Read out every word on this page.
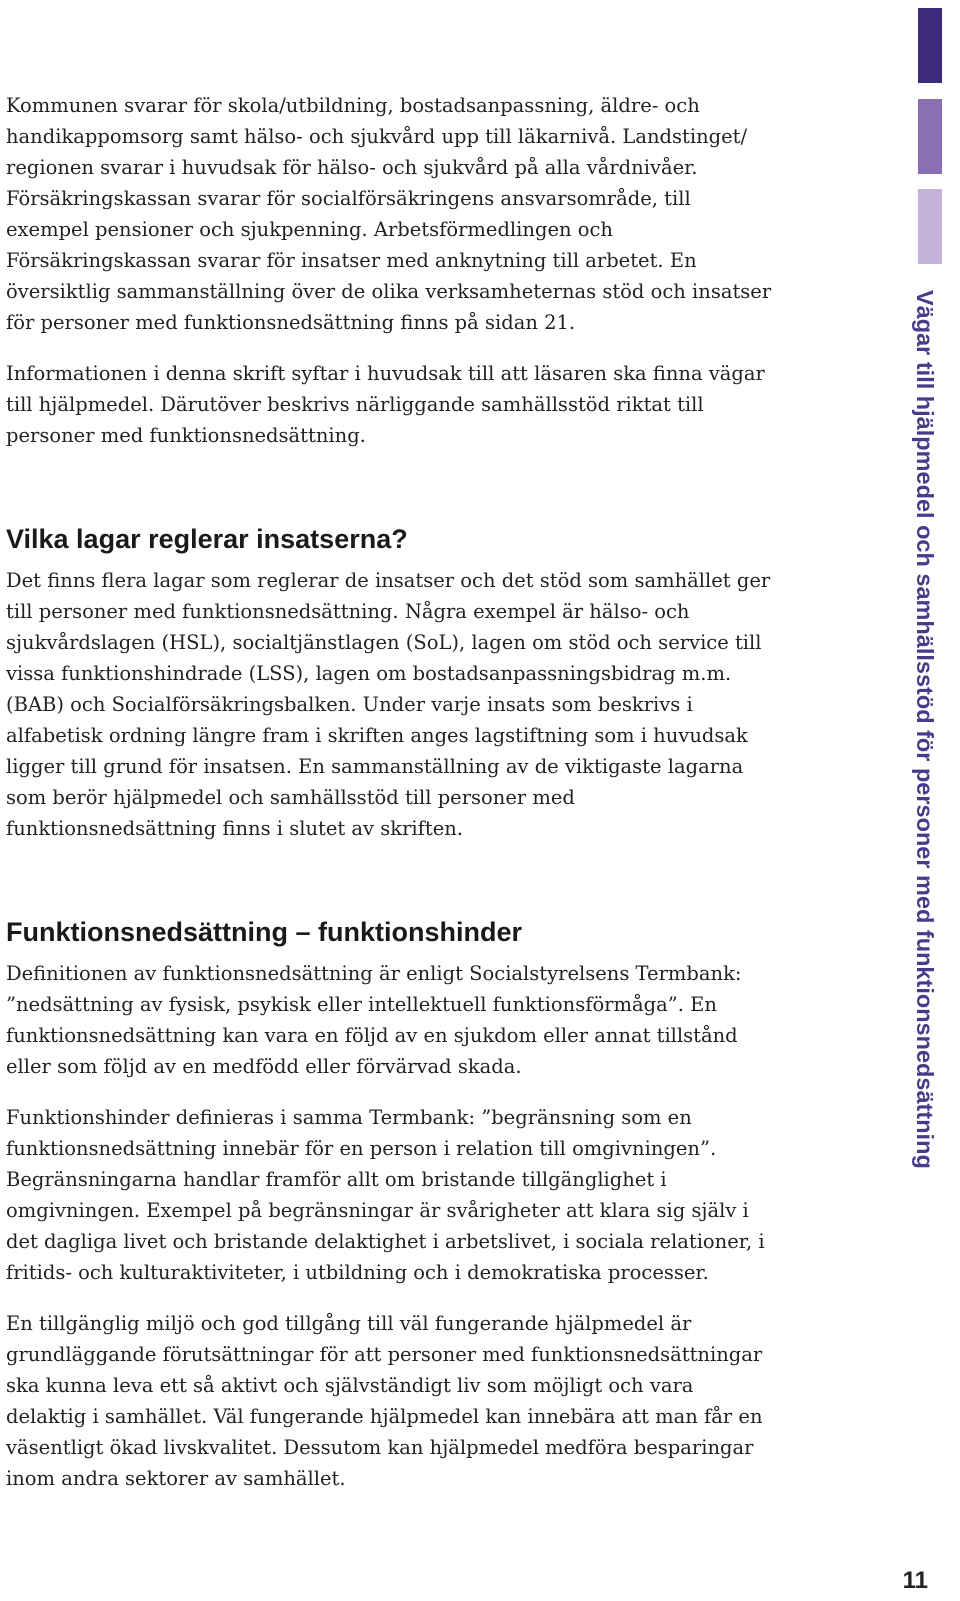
Kommunen svarar för skola/utbildning, bostadsanpassning, äldre- och handikappomsorg samt hälso- och sjukvård upp till läkarnivå. Landstinget/ regionen svarar i huvudsak för hälso- och sjukvård på alla vårdnivåer. Försäkringskassan svarar för socialförsäkringens ansvarsområde, till exempel pensioner och sjukpenning. Arbetsförmedlingen och Försäkringskassan svarar för insatser med anknytning till arbetet. En översiktlig sammanställning över de olika verksamheternas stöd och insatser för personer med funktionsnedsättning finns på sidan 21.

Informationen i denna skrift syftar i huvudsak till att läsaren ska finna vägar till hjälpmedel. Därutöver beskrivs närliggande samhällsstöd riktat till personer med funktionsnedsättning.

Vilka lagar reglerar insatserna?

Det finns flera lagar som reglerar de insatser och det stöd som samhället ger till personer med funktionsnedsättning. Några exempel är hälso- och sjukvårdslagen (HSL), socialtjänstlagen (SoL), lagen om stöd och service till vissa funktionshindrade (LSS), lagen om bostadsanpassningsbidrag m.m. (BAB) och Socialförsäkringsbalken. Under varje insats som beskrivs i alfabetisk ordning längre fram i skriften anges lagstiftning som i huvudsak ligger till grund för insatsen. En sammanställning av de viktigaste lagarna som berör hjälpmedel och samhällsstöd till personer med funktionsnedsättning finns i slutet av skriften.

Funktionsnedsättning – funktionshinder

Definitionen av funktionsnedsättning är enligt Socialstyrelsens Termbank: ”nedsättning av fysisk, psykisk eller intellektuell funktionsförmåga”. En funktionsnedsättning kan vara en följd av en sjukdom eller annat tillstånd eller som följd av en medfödd eller förvärvad skada.

Funktionshinder definieras i samma Termbank: ”begränsning som en funktionsnedsättning innebär för en person i relation till omgivningen”. Begränsningarna handlar framför allt om bristande tillgänglighet i omgivningen. Exempel på begränsningar är svårigheter att klara sig själv i det dagliga livet och bristande delaktighet i arbetslivet, i sociala relationer, i fritids- och kulturaktiviteter, i utbildning och i demokratiska processer.

En tillgänglig miljö och god tillgång till väl fungerande hjälpmedel är grundläggande förutsättningar för att personer med funktionsnedsättningar ska kunna leva ett så aktivt och självständigt liv som möjligt och vara delaktig i samhället. Väl fungerande hjälpmedel kan innebära att man får en väsentligt ökad livskvalitet. Dessutom kan hjälpmedel medföra besparingar inom andra sektorer av samhället.

Vägar till hjälpmedel och samhällsstöd för personer med funktionsnedsättning
11
